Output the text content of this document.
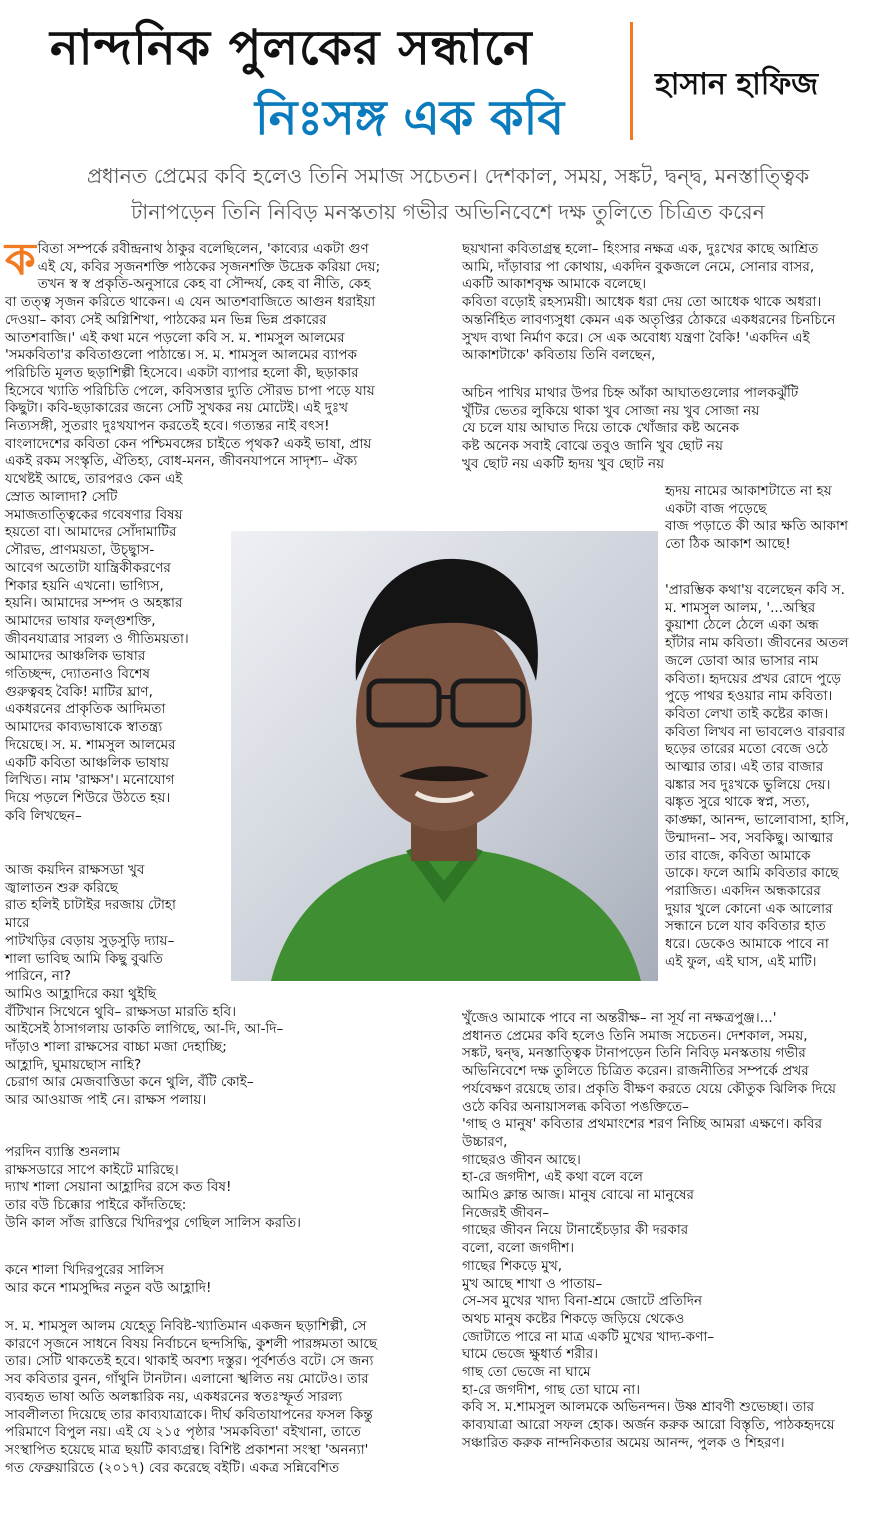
নান্দনিক পুলকের সন্ধানে
নিঃসঙ্গ এক কবি
হাসান হাফিজ
প্রধানত প্রেমের কবি হলেও তিনি সমাজ সচেতন। দেশকাল, সময়, সঙ্কট, দ্বন্দ্ব, মনস্তাত্ত্বিক
টানাপড়েন তিনি নিবিড় মনস্কতায় গভীর অভিনিবেশে দক্ষ তুলিতে চিত্রিত করেন
ক বিতা সম্পর্কে রবীন্দ্রনাথ ঠাকুর বলেছিলেন, 'কাব্যের একটা গুণ

এই যে, কবির সৃজনশক্তি পাঠকের সৃজনশক্তি উদ্রেক করিয়া দেয়;

তখন স্ব স্ব প্রকৃতি-অনুসারে কেহ বা সৌন্দর্য, কেহ বা নীতি, কেহ

বা তত্ত্ব সৃজন করিতে থাকেন। এ যেন আতশবাজিতে আগুন ধরাইয়া

দেওয়া– কাব্য সেই অগ্নিশিখা, পাঠকের মন ভিন্ন ভিন্ন প্রকারের

আতশবাজি।' এই কথা মনে পড়লো কবি স. ম. শামসুল আলমের

'সমকবিতা'র কবিতাগুলো পাঠান্তে। স. ম. শামসুল আলমের ব্যাপক

পরিচিতি মূলত ছড়াশিল্পী হিসেবে। একটা ব্যাপার হলো কী, ছড়াকার

হিসেবে খ্যাতি পরিচিতি পেলে, কবিসত্তার দ্যুতি সৌরভ চাপা পড়ে যায়

কিছুটা। কবি-ছড়াকারের জন্যে সেটি সুখকর নয় মোটেই। এই দুঃখ

নিত্যসঙ্গী, সুতরাং দুঃখযাপন করতেই হবে। গত্যন্তর নাই বৎস!

বাংলাদেশের কবিতা কেন পশ্চিমবঙ্গের চাইতে পৃথক? একই ভাষা, প্রায়

একই রকম সংস্কৃতি, ঐতিহ্য, বোধ-মনন, জীবনযাপনে সাদৃশ্য– ঐক্য

যথেষ্টই আছে, তারপরও কেন এই

স্রোত আলাদা? সেটি

সমাজতাত্ত্বিকের গবেষণার বিষয়

হয়তো বা। আমাদের সোঁদামাটির

সৌরভ, প্রাণময়তা, উচ্ছ্বাস-

আবেগ অতোটা যান্ত্রিকীকরণের

শিকার হয়নি এখনো। ভাগ্যিস,

হয়নি। আমাদের সম্পদ ও অহঙ্কার

আমাদের ভাষার ফল্গুশক্তি,

জীবনযাত্রার সারল্য ও গীতিময়তা।

আমাদের আঞ্চলিক ভাষার

গতিচ্ছন্দ, দ্যোতনাও বিশেষ

গুরুত্ববহ বৈকি! মাটির ঘ্রাণ,

একধরনের প্রাকৃতিক আদিমতা

আমাদের কাব্যভাষাকে স্বাতন্ত্র্য

দিয়েছে। স. ম. শামসুল আলমের

একটি কবিতা আঞ্চলিক ভাষায়

লিখিত। নাম 'রাক্ষস'। মনোযোগ

দিয়ে পড়লে শিউরে উঠতে হয়।

কবি লিখছেন–

আজ কয়দিন রাক্ষসডা খুব

জ্বালাতন শুরু করিছে

রাত হলিই চাটাইর দরজায় টোহা

মারে

পাটখড়ির বেড়ায় সুড়সুড়ি দ্যায়–

শালা ভাবিছ আমি কিছু বুঝতি

পারিনে, না?

আমিও আহ্লাদিরে কয়া থুইছি

বঁটিখান সিথেনে থুবি– রাক্ষসডা মারতি হবি।

আইসেই ঠাসাগলায় ডাকতি লাগিছে, আ-দি, আ-দি–

দাঁড়াও শালা রাক্ষসের বাচ্চা মজা দেহাচ্ছি;

আহ্লাদি, ঘুমায়ছোস নাহি?

চেরাগ আর মেজবাত্তিডা কনে থুলি, বঁটি কোই–

আর আওয়াজ পাই নে। রাক্ষস পলায়।

পরদিন ব্যাস্তি শুনলাম

রাক্ষসডারে সাপে কাইটে মারিছে।

দ্যাখ শালা সেয়ানা আহ্লাদির রসে কত বিষ!

তার বউ চিক্কোর পাইরে কাঁদতিছে:

উনি কাল সাঁজ রাত্তিরে খিদিরপুর গেছিল সালিস করতি।

কনে শালা খিদিরপুরের সালিস

আর কনে শামসুদ্দির নতুন বউ আহ্লাদি!

স. ম. শামসুল আলম যেহেতু নিবিষ্ট-খ্যাতিমান একজন ছড়াশিল্পী, সে

কারণে সৃজনে সাধনে বিষয় নির্বাচনে ছন্দসিদ্ধি, কুশলী পারঙ্গমতা আছে

তার। সেটি থাকতেই হবে। থাকাই অবশ্য দস্তুর। পূর্বশর্তও বটে। সে জন্য

সব কবিতার বুনন, গাঁথুনি টানটান। এলানো স্খলিত নয় মোটেও। তার

ব্যবহৃত ভাষা অতি অলঙ্কারিক নয়, একধরনের স্বতঃস্ফূর্ত সারল্য

সাবলীলতা দিয়েছে তার কাব্যযাত্রাকে। দীর্ঘ কবিতাযাপনের ফসল কিন্তু

পরিমাণে বিপুল নয়। এই যে ২১৫ পৃষ্ঠার 'সমকবিতা' বইখানা, তাতে

সংস্থাপিত হয়েছে মাত্র ছয়টি কাব্যগ্রন্থ। বিশিষ্ট প্রকাশনা সংস্থা 'অনন্যা'

গত ফেব্রুয়ারিতে (২০১৭) বের করেছে বইটি। একত্র সন্নিবেশিত

ছয়খানা কবিতাগ্রন্থ হলো– হিংসার নক্ষত্র এক, দুঃখের কাছে আশ্রিত

আমি, দাঁড়াবার পা কোথায়, একদিন বুকজলে নেমে, সোনার বাসর,

একটি আকাশবৃক্ষ আমাকে বলেছে।

কবিতা বড়োই রহস্যময়ী। আধেক ধরা দেয় তো আধেক থাকে অধরা।

অন্তর্নিহিত লাবণ্যসুধা কেমন এক অতৃপ্তির ঠোকরে একধরনের চিনচিনে

সুখদ ব্যথা নির্মাণ করে। সে এক অবোধ্য যন্ত্রণা বৈকি! 'একদিন এই

আকাশটাকে' কবিতায় তিনি বলছেন,

অচিন পাখির মাথার উপর চিহ্ন আঁকা আঘাতগুলোর পালকঝুঁটি

খুঁটির ভেতর লুকিয়ে থাকা খুব সোজা নয় খুব সোজা নয়

যে চলে যায় আঘাত দিয়ে তাকে খোঁজার কষ্ট অনেক

কষ্ট অনেক সবাই বোঝে তবুও জানি খুব ছোট নয়

খুব ছোট নয় একটি হৃদয় খুব ছোট নয়

হৃদয় নামের আকাশটাতে না হয়

একটা বাজ পড়েছে

বাজ পড়াতে কী আর ক্ষতি আকাশ

তো ঠিক আকাশ আছে!

'প্রারম্ভিক কথা'য় বলেছেন কবি স.

ম. শামসুল আলম, '...অস্থির

কুয়াশা ঠেলে ঠেলে একা অন্ধ

হাঁটার নাম কবিতা। জীবনের অতল

জলে ডোবা আর ভাসার নাম

কবিতা। হৃদয়ের প্রখর রোদে পুড়ে

পুড়ে পাথর হওয়ার নাম কবিতা।

কবিতা লেখা তাই কষ্টের কাজ।

কবিতা লিখব না ভাবলেও বারবার

ছড়ের তারের মতো বেজে ওঠে

আত্মার তার। এই তার বাজার

ঝঙ্কার সব দুঃখকে ভুলিয়ে দেয়।

ঝঙ্কৃত সুরে থাকে স্বপ্ন, সত্য,

কাঙ্ক্ষা, আনন্দ, ভালোবাসা, হাসি,

উন্মাদনা– সব, সবকিছু। আত্মার

তার বাজে, কবিতা আমাকে

ডাকে। ফলে আমি কবিতার কাছে

পরাজিত। একদিন অন্ধকারের

দুয়ার খুলে কোনো এক আলোর

সন্ধানে চলে যাব কবিতার হাত

ধরে। ডেকেও আমাকে পাবে না

এই ফুল, এই ঘাস, এই মাটি।

খুঁজেও আমাকে পাবে না অন্তরীক্ষ– না সূর্য না নক্ষত্রপুঞ্জ।...'

প্রধানত প্রেমের কবি হলেও তিনি সমাজ সচেতন। দেশকাল, সময়,

সঙ্কট, দ্বন্দ্ব, মনস্তাত্ত্বিক টানাপড়েন তিনি নিবিড় মনস্কতায় গভীর

অভিনিবেশে দক্ষ তুলিতে চিত্রিত করেন। রাজনীতির সম্পর্কে প্রখর

পর্যবেক্ষণ রয়েছে তার। প্রকৃতি বীক্ষণ করতে যেয়ে কৌতুক ঝিলিক দিয়ে

ওঠে কবির অনায়াসলব্ধ কবিতা পঙক্তিতে–

'গাছ ও মানুষ' কবিতার প্রথমাংশের শরণ নিচ্ছি আমরা এক্ষণে। কবির

উচ্চারণ,

গাছেরও জীবন আছে।

হা-রে জগদীশ, এই কথা বলে বলে

আমিও ক্লান্ত আজ। মানুষ বোঝে না মানুষের

নিজেরই জীবন–

গাছের জীবন নিয়ে টানাহেঁচড়ার কী দরকার

বলো, বলো জগদীশ।

গাছের শিকড়ে মুখ,

মুখ আছে শাখা ও পাতায়–

সে-সব মুখের খাদ্য বিনা-শ্রমে জোটে প্রতিদিন

অথচ মানুষ কষ্টের শিকড়ে জড়িয়ে থেকেও

জোটাতে পারে না মাত্র একটি মুখের খাদ্য-কণা–

ঘামে ভেজে ক্ষুধার্ত শরীর।

গাছ তো ভেজে না ঘামে

হা-রে জগদীশ, গাছ তো ঘামে না।

কবি স. ম.শামসুল আলমকে অভিনন্দন। উষ্ণ শ্রাবণী শুভেচ্ছা। তার

কাব্যযাত্রা আরো সফল হোক। অর্জন করুক আরো বিস্তৃতি, পাঠকহৃদয়ে

সঞ্চারিত করুক নান্দনিকতার অমেয় আনন্দ, পুলক ও শিহরণ।
